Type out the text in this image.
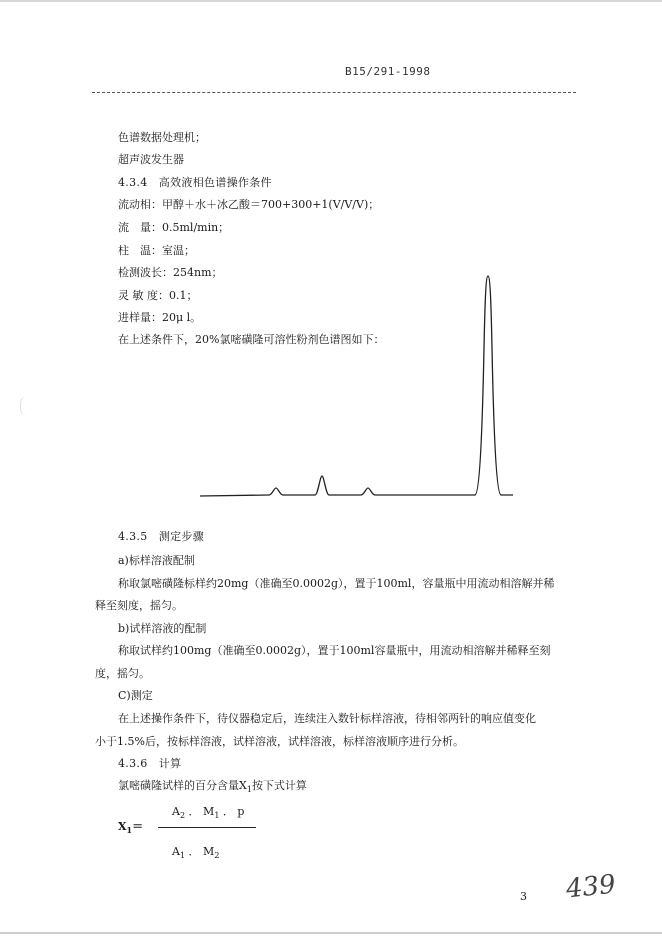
B15/291-1998
色谱数据处理机；
超声波发生器
4.3.4　高效液相色谱操作条件
流动相：甲醇＋水＋冰乙酸＝700+300+1(V/V/V)；
流　量：0.5ml/min；
柱　温：室温；
检测波长：254nm；
灵 敏 度：0.1；
进样量：20μ l。
在上述条件下，20%氯嘧磺隆可溶性粉剂色谱图如下：
4.3.5　测定步骤
a)标样溶液配制
称取氯嘧磺隆标样约20mg（准确至0.0002g），置于100ml，容量瓶中用流动相溶解并稀
释至刻度，摇匀。
b)试样溶液的配制
称取试样约100mg（准确至0.0002g），置于100ml容量瓶中，用流动相溶解并稀释至刻
度，摇匀。
C)测定
在上述操作条件下，待仪器稳定后，连续注入数针标样溶液，待相邻两针的响应值变化
小于1.5%后，按标样溶液，试样溶液，试样溶液，标样溶液顺序进行分析。
4.3.6　计算
氯嘧磺隆试样的百分含量$X_1$按下式计算
$A_2$ ． $M_1$ ． p
$X_1=$
$A_1$ ． $M_2$
3 439
